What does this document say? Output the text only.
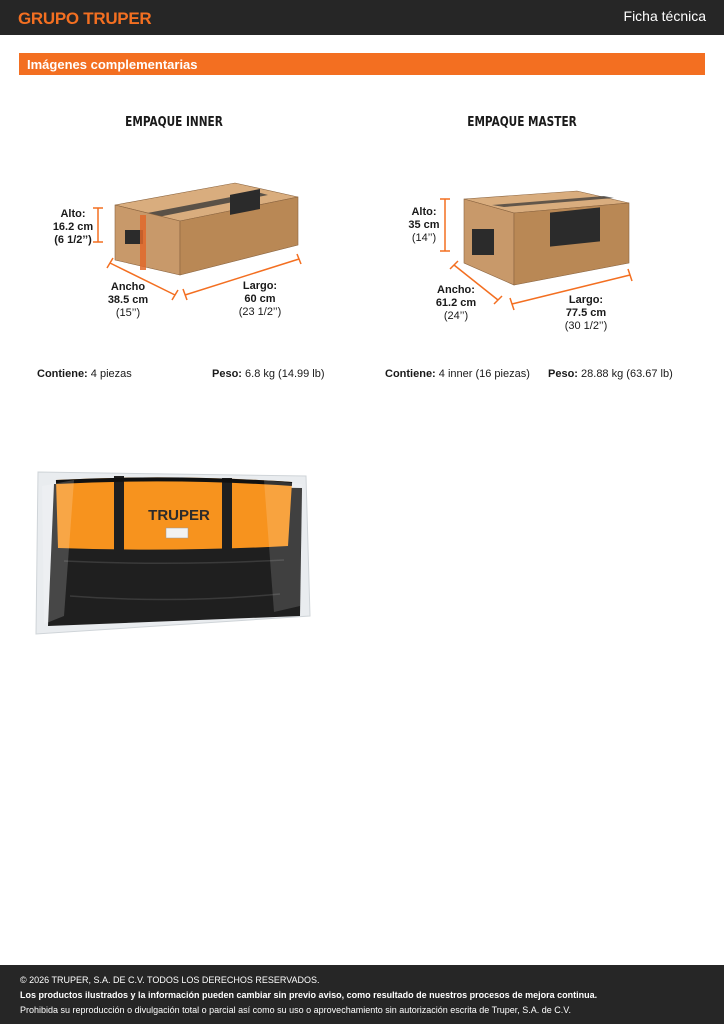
GRUPO TRUPER	Ficha técnica
Imágenes complementarias
EMPAQUE INNER
Alto:
16.2 cm
(6 1/2’’)
Ancho
38.5 cm
(15’’)
Largo:
60 cm
(23 1/2’’)
Contiene: 4 piezas	Peso: 6.8 kg (14.99 lb)
EMPAQUE MASTER
Alto:
35 cm
(14’’)
Ancho:
61.2 cm
(24’’)
Largo:
77.5 cm
(30 1/2’’)
Contiene: 4 inner (16 piezas) Peso: 28.88 kg (63.67 lb)
TRUPER
© 2026 TRUPER, S.A. DE C.V. TODOS LOS DERECHOS RESERVADOS.
Los productos ilustrados y la información pueden cambiar sin previo aviso, como resultado de nuestros procesos de mejora continua.
Prohibida su reproducción o divulgación total o parcial así como su uso o aprovechamiento sin autorización escrita de Truper, S.A. de C.V.
